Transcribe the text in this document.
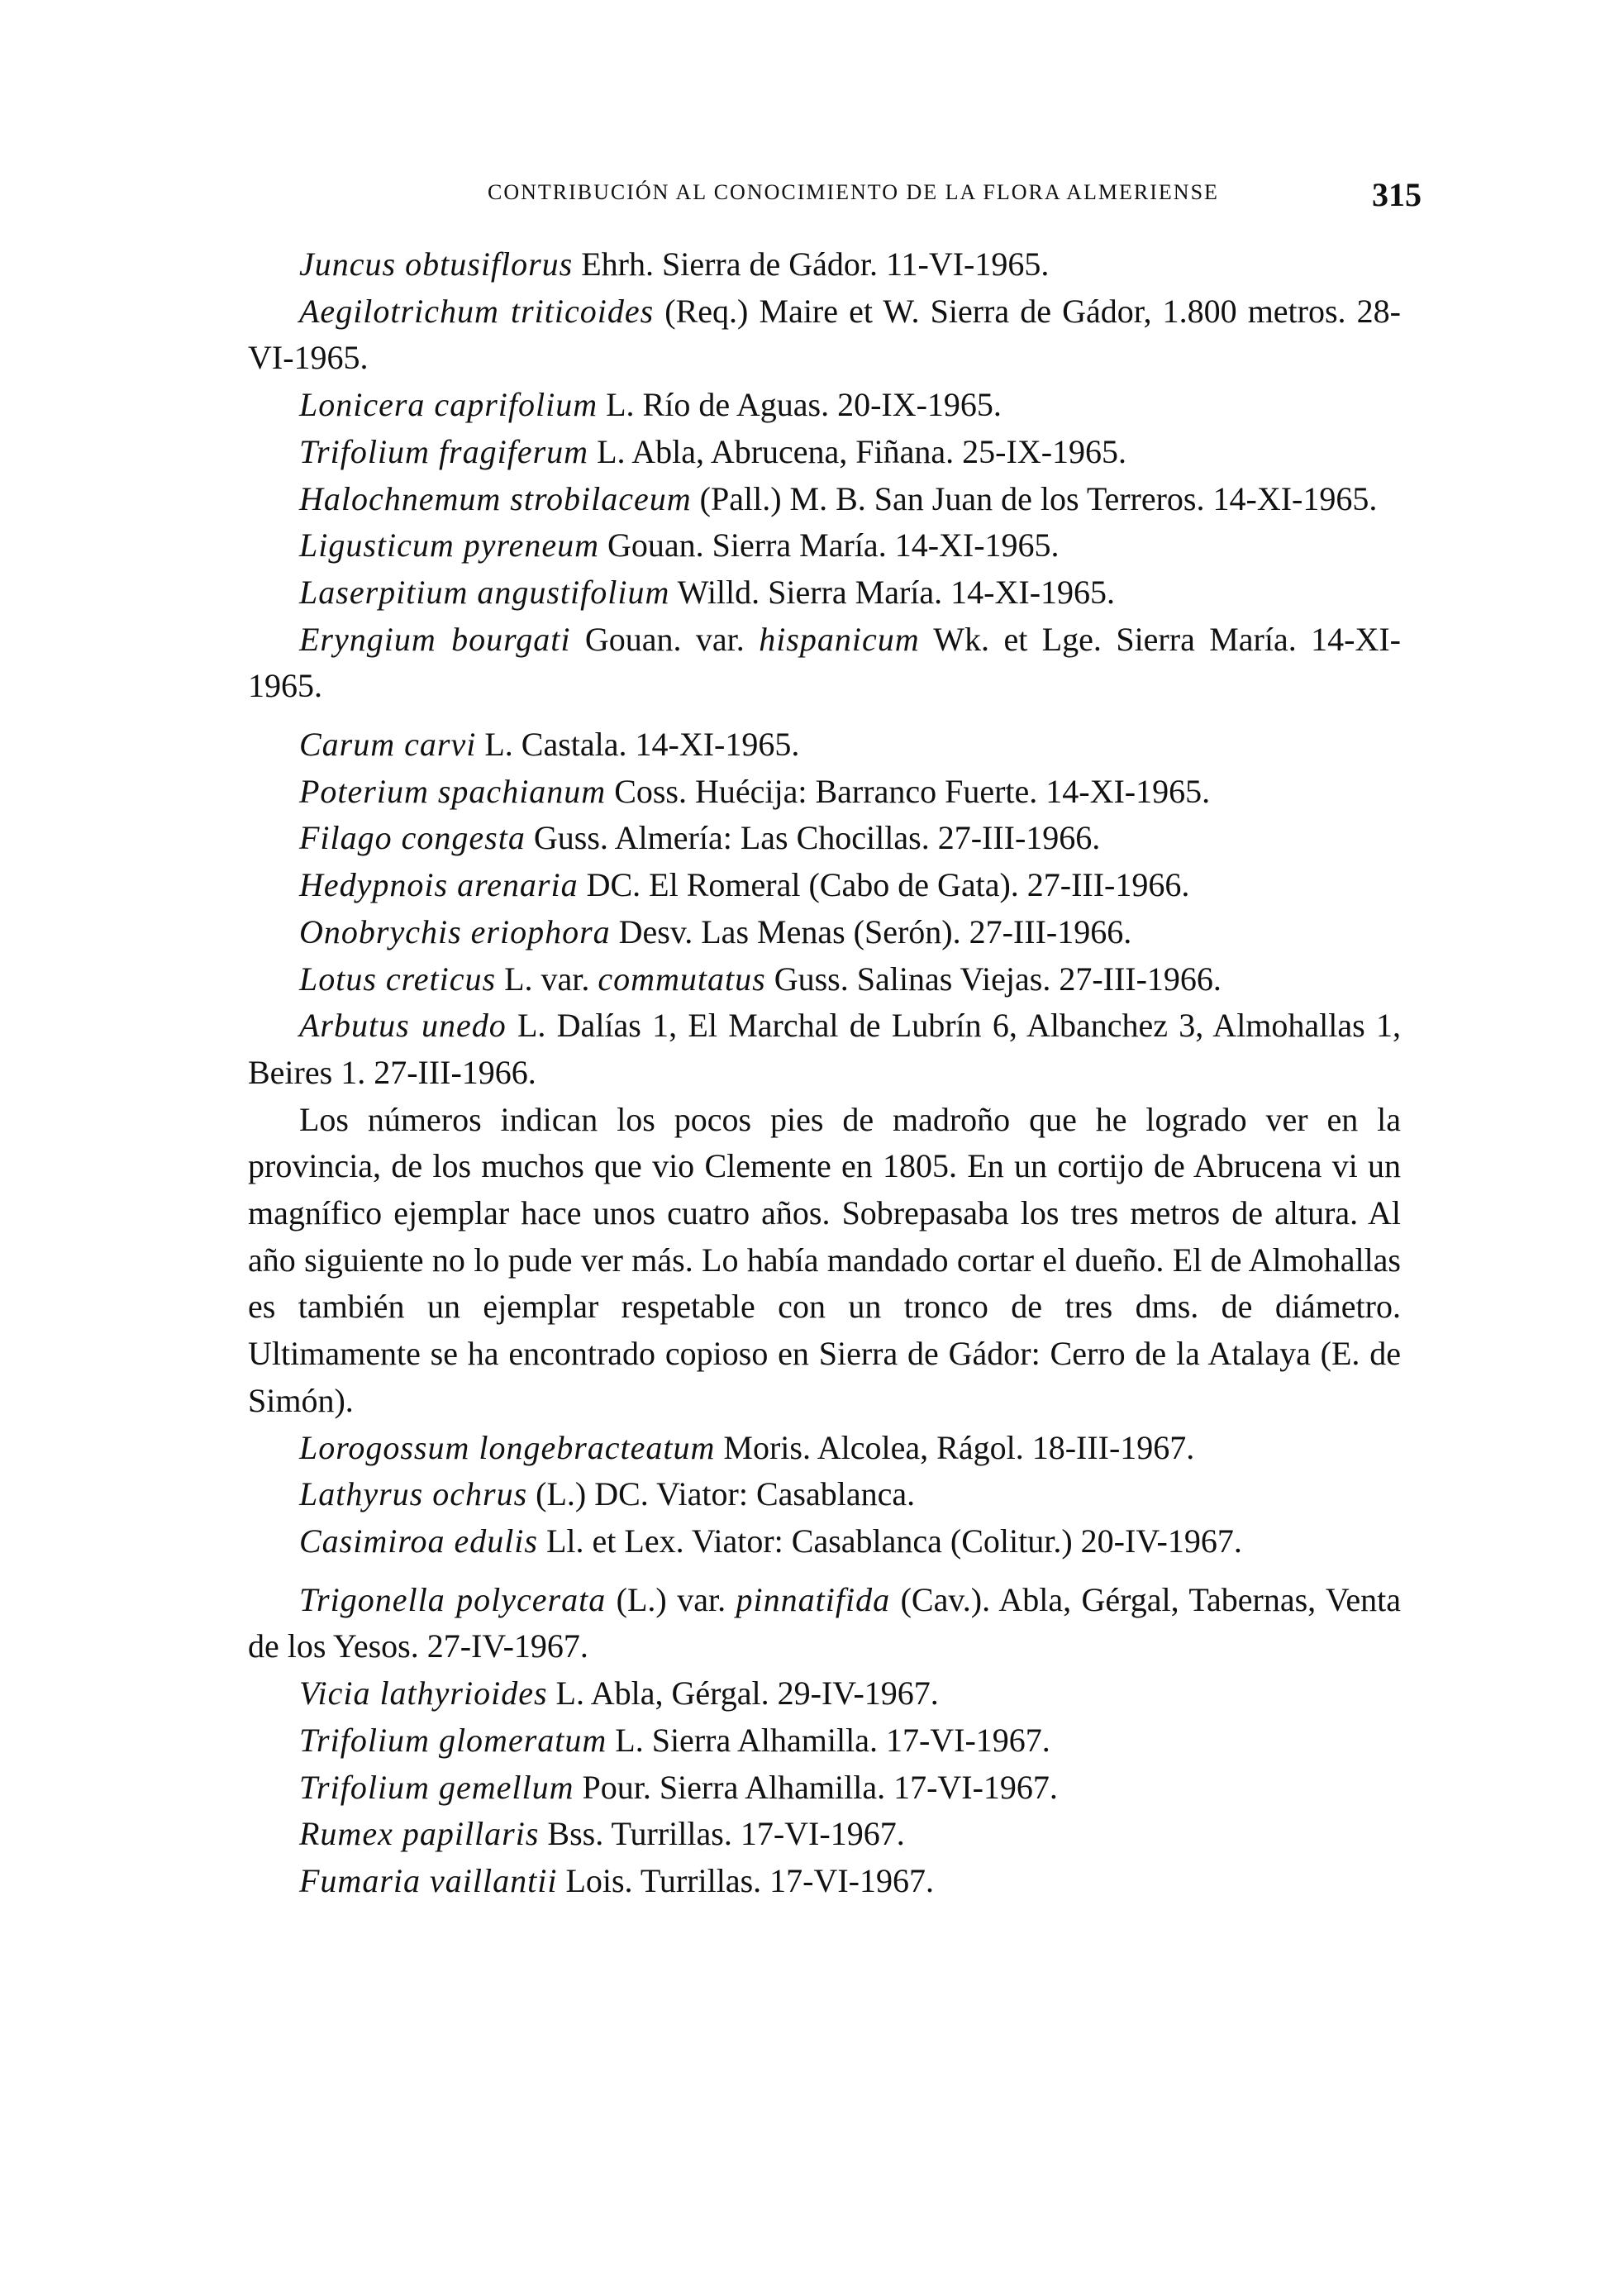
CONTRIBUCIÓN AL CONOCIMIENTO DE LA FLORA ALMERIENSE	315

Juncus obtusiflorus Ehrh. Sierra de Gádor. 11-VI-1965.

Aegilotrichum triticoides (Req.) Maire et W. Sierra de Gádor, 1.800 metros. 28-VI-1965.

Lonicera caprifolium L. Río de Aguas. 20-IX-1965.

Trifolium fragiferum L. Abla, Abrucena, Fiñana. 25-IX-1965.

Halochnemum strobilaceum (Pall.) M. B. San Juan de los Terreros. 14-XI-1965.

Ligusticum pyreneum Gouan. Sierra María. 14-XI-1965.

Laserpitium angustifolium Willd. Sierra María. 14-XI-1965.

Eryngium bourgati Gouan. var. hispanicum Wk. et Lge. Sierra María. 14-XI-1965.

Carum carvi L. Castala. 14-XI-1965.

Poterium spachianum Coss. Huécija: Barranco Fuerte. 14-XI-1965.

Filago congesta Guss. Almería: Las Chocillas. 27-III-1966.

Hedypnois arenaria DC. El Romeral (Cabo de Gata). 27-III-1966.

Onobrychis eriophora Desv. Las Menas (Serón). 27-III-1966.

Lotus creticus L. var. commutatus Guss. Salinas Viejas. 27-III-1966.

Arbutus unedo L. Dalías 1, El Marchal de Lubrín 6, Albanchez 3, Almohallas 1, Beires 1. 27-III-1966.

Los números indican los pocos pies de madroño que he logrado ver en la provincia, de los muchos que vio Clemente en 1805. En un cortijo de Abrucena vi un magnífico ejemplar hace unos cuatro años. Sobrepasaba los tres metros de altura. Al año siguiente no lo pude ver más. Lo había mandado cortar el dueño. El de Almohallas es también un ejemplar respetable con un tronco de tres dms. de diámetro. Ultimamente se ha encontrado copioso en Sierra de Gádor: Cerro de la Atalaya (E. de Simón).

Lorogossum longebracteatum Moris. Alcolea, Rágol. 18-III-1967.

Lathyrus ochrus (L.) DC. Viator: Casablanca.

Casimiroa edulis Ll. et Lex. Viator: Casablanca (Colitur.) 20-IV-1967.

Trigonella polycerata (L.) var. pinnatifida (Cav.). Abla, Gérgal, Tabernas, Venta de los Yesos. 27-IV-1967.

Vicia lathyrioides L. Abla, Gérgal. 29-IV-1967.

Trifolium glomeratum L. Sierra Alhamilla. 17-VI-1967.

Trifolium gemellum Pour. Sierra Alhamilla. 17-VI-1967.

Rumex papillaris Bss. Turrillas. 17-VI-1967.

Fumaria vaillantii Lois. Turrillas. 17-VI-1967.
